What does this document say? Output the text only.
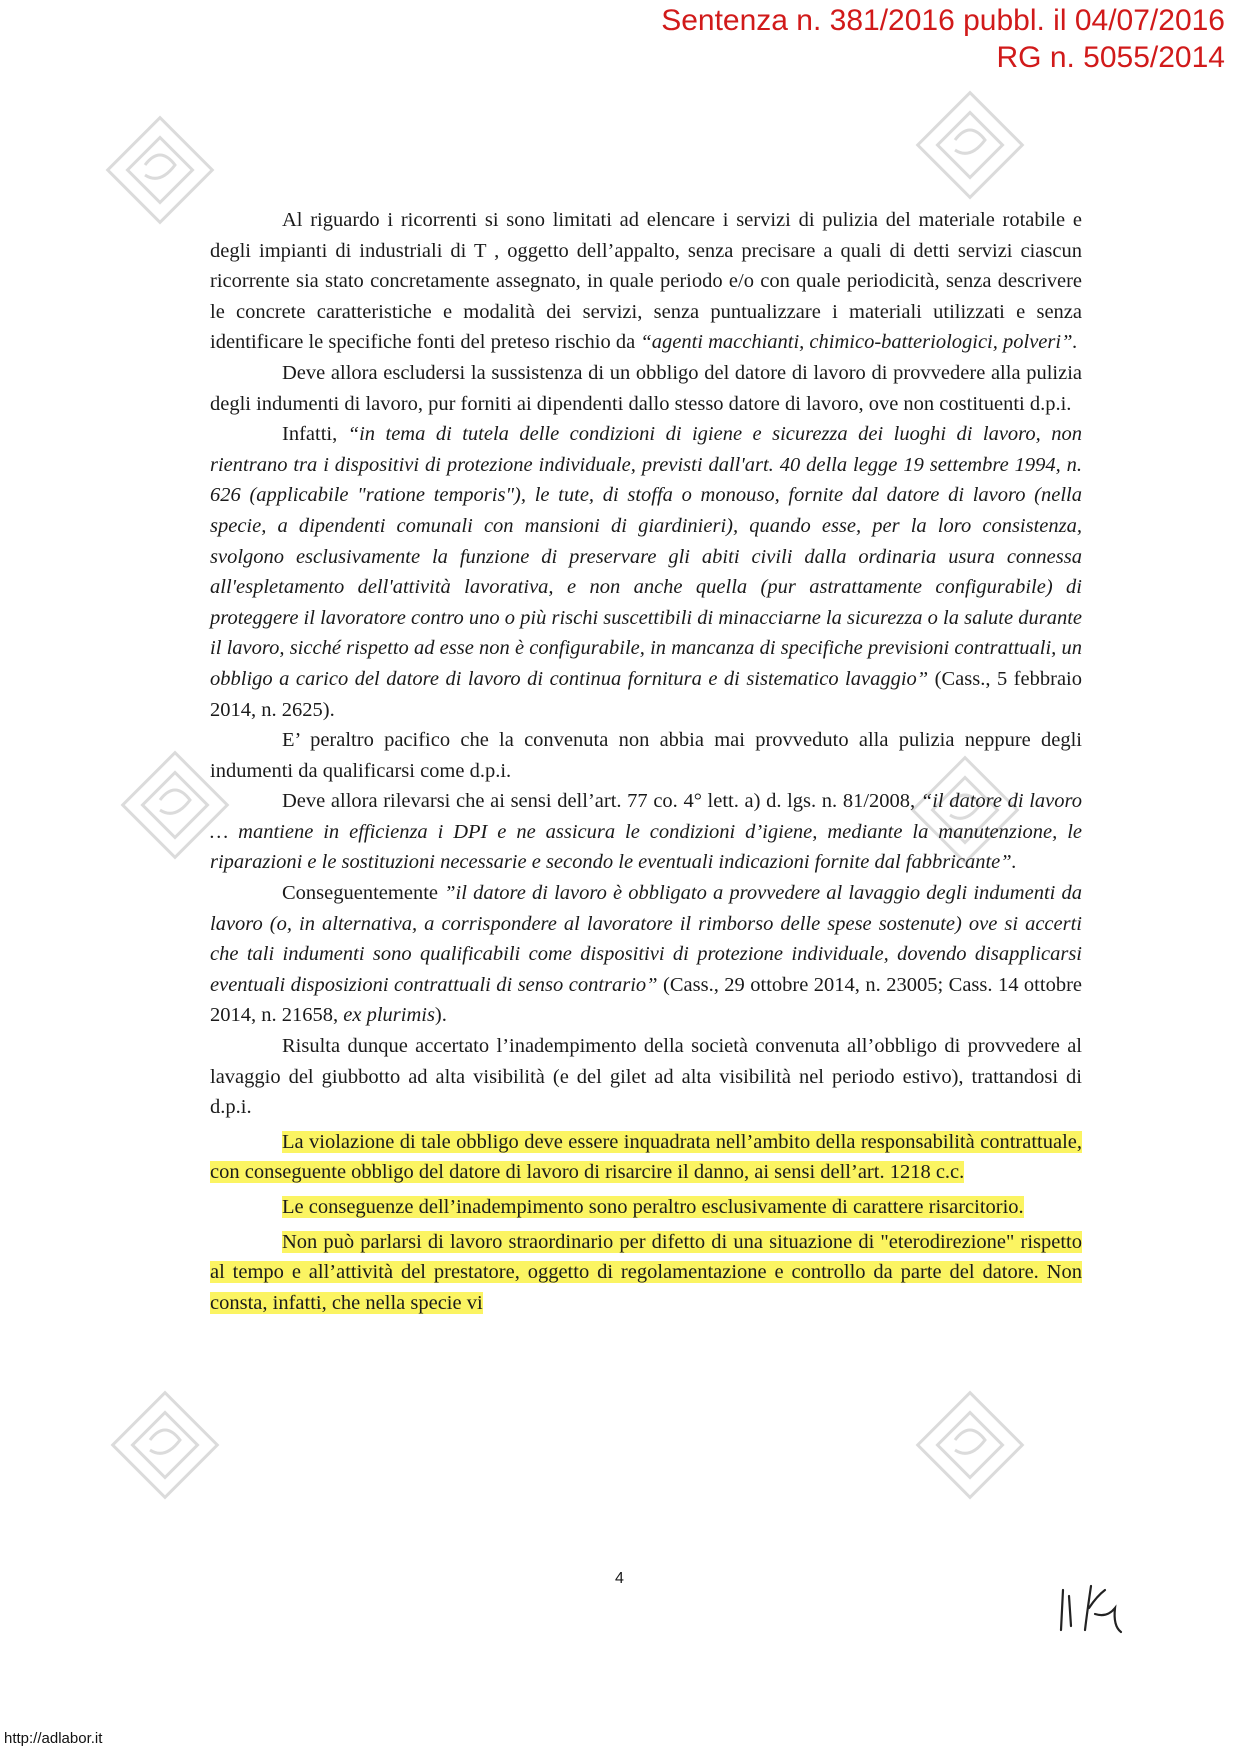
Sentenza n. 381/2016 pubbl. il 04/07/2016
RG n. 5055/2014

Al riguardo i ricorrenti si sono limitati ad elencare i servizi di pulizia del materiale rotabile e degli impianti di industriali di T , oggetto dell’appalto, senza precisare a quali di detti servizi ciascun ricorrente sia stato concretamente assegnato, in quale periodo e/o con quale periodicità, senza descrivere le concrete caratteristiche e modalità dei servizi, senza puntualizzare i materiali utilizzati e senza identificare le specifiche fonti del preteso rischio da “agenti macchianti, chimico-batteriologici, polveri”.

Deve allora escludersi la sussistenza di un obbligo del datore di lavoro di provvedere alla pulizia degli indumenti di lavoro, pur forniti ai dipendenti dallo stesso datore di lavoro, ove non costituenti d.p.i.

Infatti, “in tema di tutela delle condizioni di igiene e sicurezza dei luoghi di lavoro, non rientrano tra i dispositivi di protezione individuale, previsti dall'art. 40 della legge 19 settembre 1994, n. 626 (applicabile "ratione temporis"), le tute, di stoffa o monouso, fornite dal datore di lavoro (nella specie, a dipendenti comunali con mansioni di giardinieri), quando esse, per la loro consistenza, svolgono esclusivamente la funzione di preservare gli abiti civili dalla ordinaria usura connessa all'espletamento dell'attività lavorativa, e non anche quella (pur astrattamente configurabile) di proteggere il lavoratore contro uno o più rischi suscettibili di minacciarne la sicurezza o la salute durante il lavoro, sicché rispetto ad esse non è configurabile, in mancanza di specifiche previsioni contrattuali, un obbligo a carico del datore di lavoro di continua fornitura e di sistematico lavaggio” (Cass., 5 febbraio 2014, n. 2625).

E’ peraltro pacifico che la convenuta non abbia mai provveduto alla pulizia neppure degli indumenti da qualificarsi come d.p.i.

Deve allora rilevarsi che ai sensi dell’art. 77 co. 4° lett. a) d. lgs. n. 81/2008, “il datore di lavoro … mantiene in efficienza i DPI e ne assicura le condizioni d’igiene, mediante la manutenzione, le riparazioni e le sostituzioni necessarie e secondo le eventuali indicazioni fornite dal fabbricante”.

Conseguentemente ”il datore di lavoro è obbligato a provvedere al lavaggio degli indumenti da lavoro (o, in alternativa, a corrispondere al lavoratore il rimborso delle spese sostenute) ove si accerti che tali indumenti sono qualificabili come dispositivi di protezione individuale, dovendo disapplicarsi eventuali disposizioni contrattuali di senso contrario” (Cass., 29 ottobre 2014, n. 23005; Cass. 14 ottobre 2014, n. 21658, ex plurimis).

Risulta dunque accertato l’inadempimento della società convenuta all’obbligo di provvedere al lavaggio del giubbotto ad alta visibilità (e del gilet ad alta visibilità nel periodo estivo), trattandosi di d.p.i.

La violazione di tale obbligo deve essere inquadrata nell’ambito della responsabilità contrattuale, con conseguente obbligo del datore di lavoro di risarcire il danno, ai sensi dell’art. 1218 c.c.

Le conseguenze dell’inadempimento sono peraltro esclusivamente di carattere risarcitorio.

Non può parlarsi di lavoro straordinario per difetto di una situazione di "eterodirezione" rispetto al tempo e all’attività del prestatore, oggetto di regolamentazione e controllo da parte del datore. Non consta, infatti, che nella specie vi

4
http://adlabor.it
